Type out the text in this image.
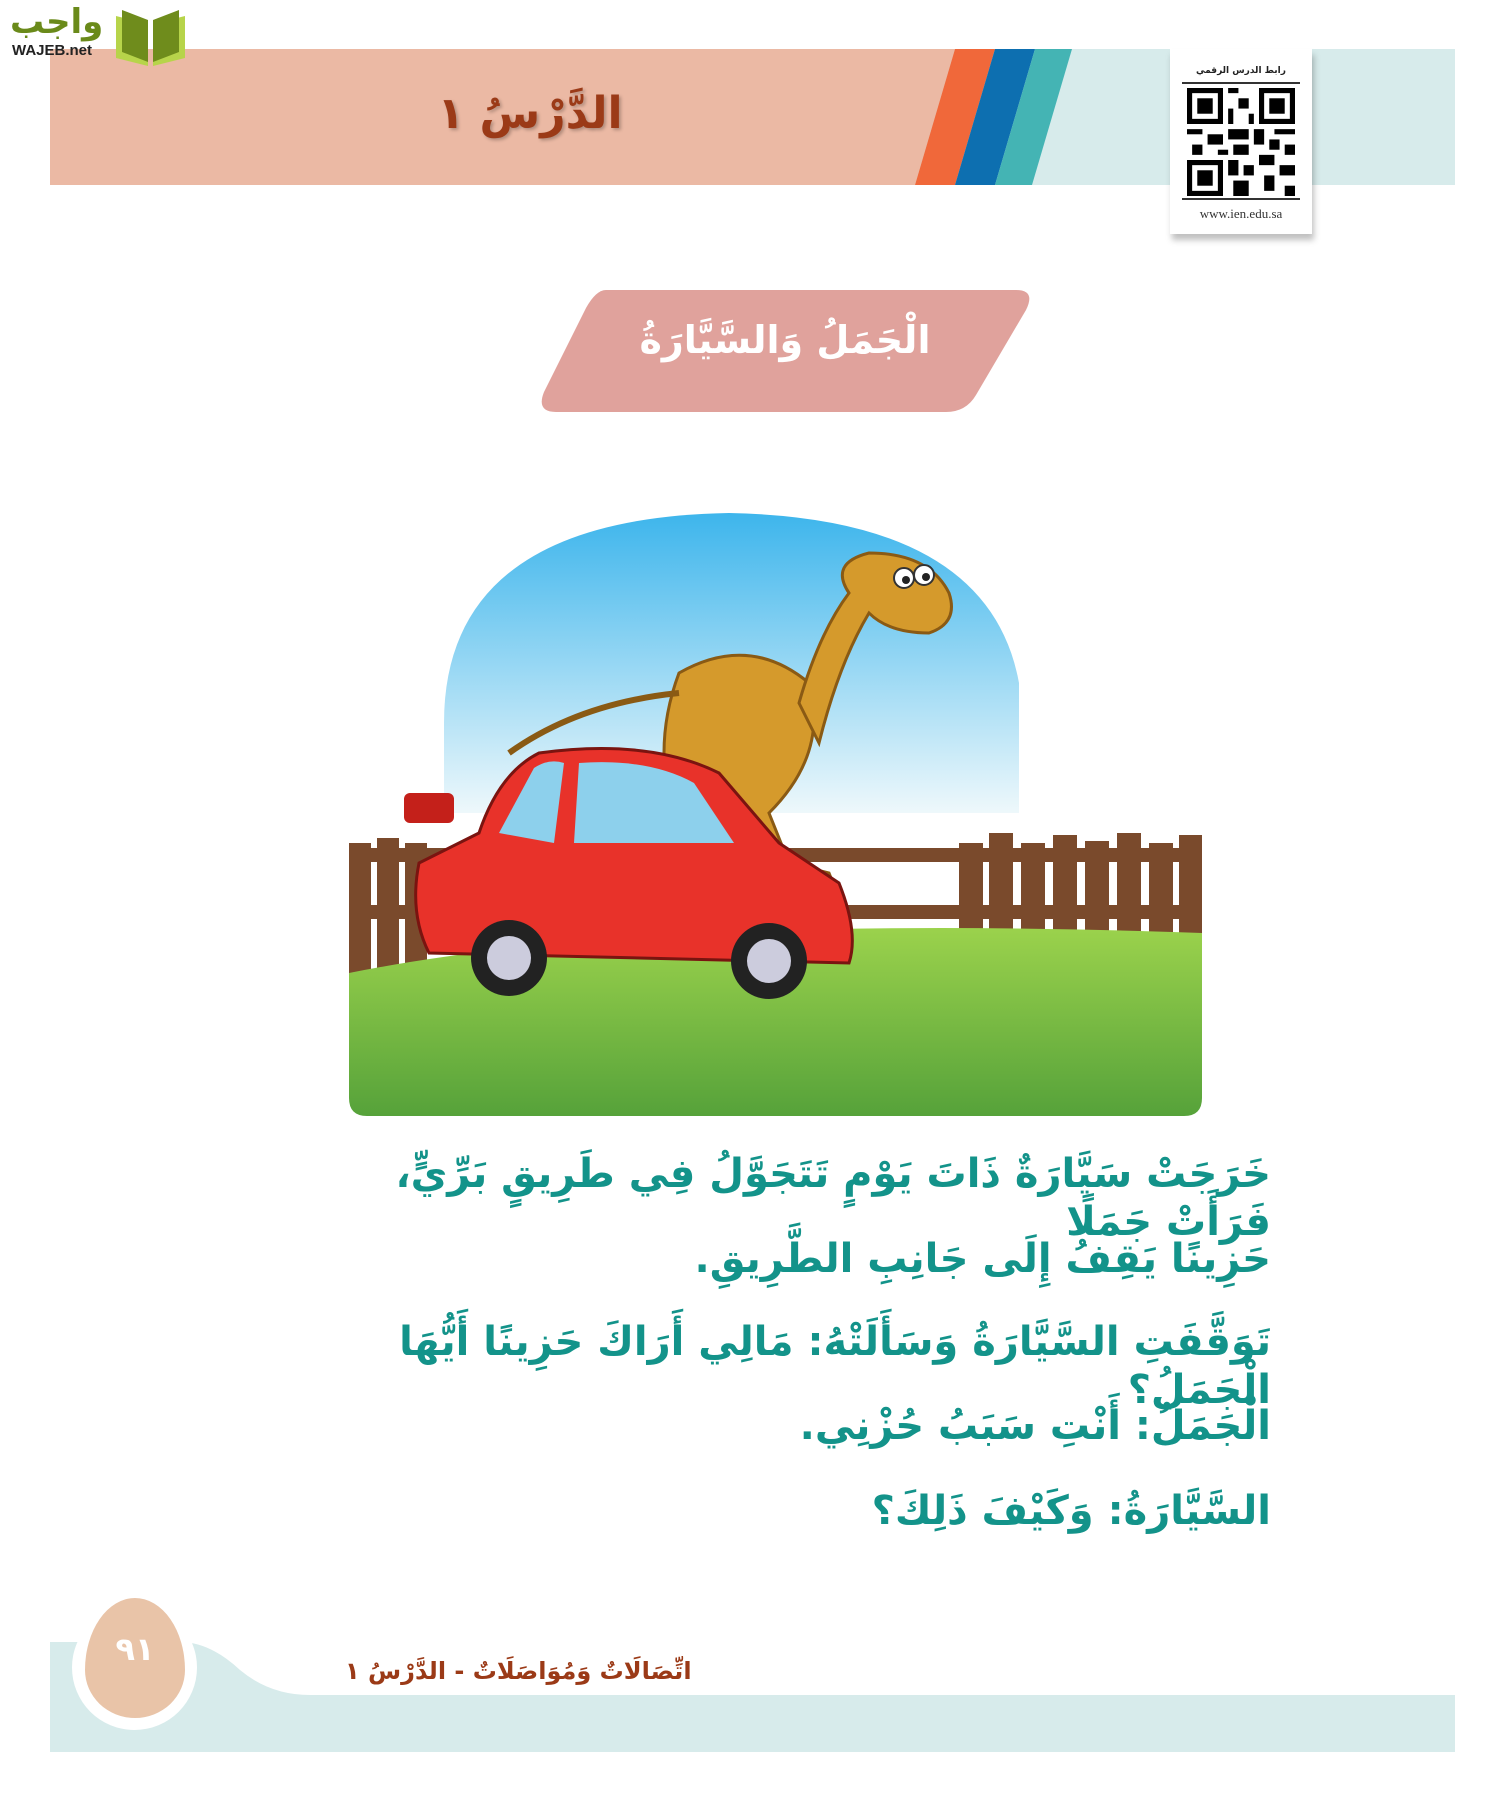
واجب
WAJEB.net
الدَّرْسُ ١
رابط الدرس الرقمي
www.ien.edu.sa
الْجَمَلُ وَالسَّيَّارَةُ
خَرَجَتْ سَيَّارَةٌ ذَاتَ يَوْمٍ تَتَجَوَّلُ فِي طَرِيقٍ بَرِّيٍّ، فَرَأَتْ جَمَلًا
حَزِينًا يَقِفُ إِلَى جَانِبِ الطَّرِيقِ.
تَوَقَّفَتِ السَّيَّارَةُ وَسَأَلَتْهُ: مَالِي أَرَاكَ حَزِينًا أَيُّهَا الْجَمَلُ؟
الْجَمَلُ: أَنْتِ سَبَبُ حُزْنِي.
السَّيَّارَةُ: وَكَيْفَ ذَلِكَ؟
اتِّصَالَاتٌ وَمُوَاصَلَاتٌ - الدَّرْسُ ١
٩١
